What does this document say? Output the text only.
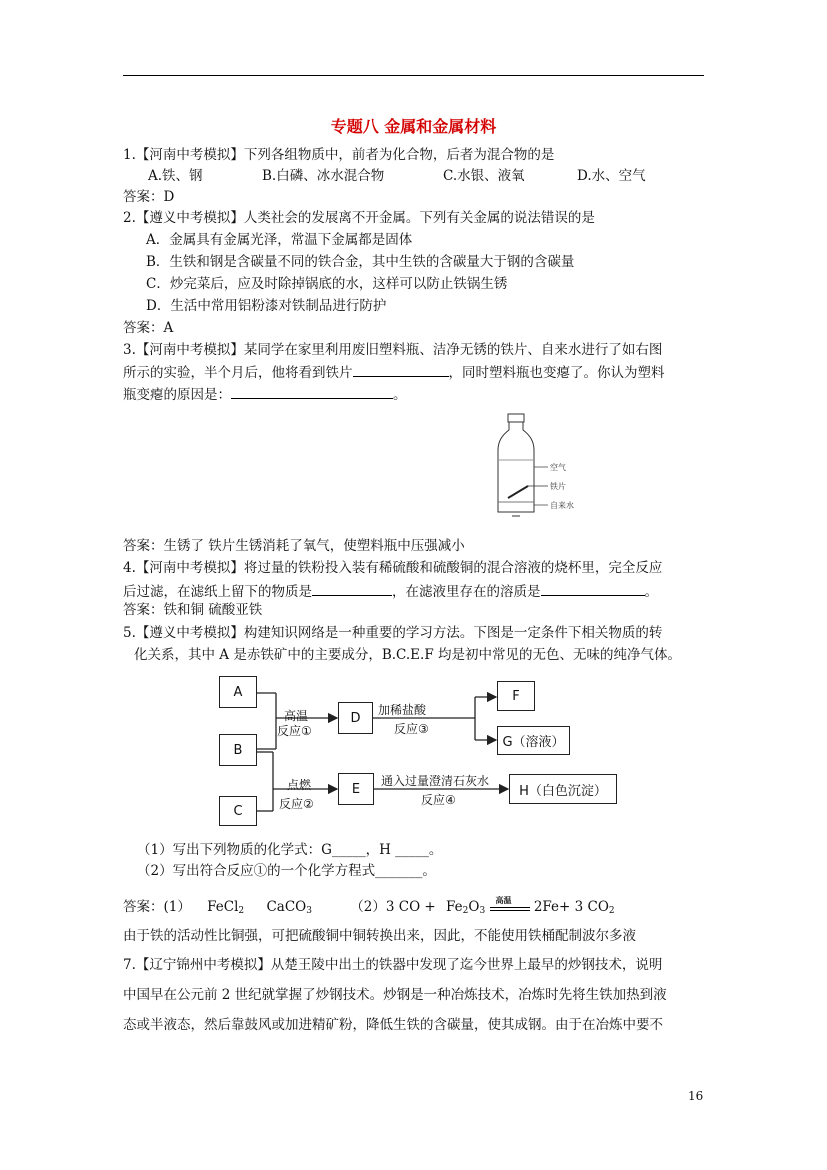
专题八 金属和金属材料
1.【河南中考模拟】下列各组物质中，前者为化合物，后者为混合物的是
A.铁、钢	B.白磷、冰水混合物	C.水银、液氧	D.水、空气
答案：D
2.【遵义中考模拟】人类社会的发展离不开金属。下列有关金属的说法错误的是
A．金属具有金属光泽，常温下金属都是固体
B．生铁和钢是含碳量不同的铁合金，其中生铁的含碳量大于钢的含碳量
C．炒完菜后，应及时除掉锅底的水，这样可以防止铁锅生锈
D．生活中常用铝粉漆对铁制品进行防护
答案：A
3.【河南中考模拟】某同学在家里利用废旧塑料瓶、洁净无锈的铁片、自来水进行了如右图
所示的实验，半个月后，他将看到铁片	，同时塑料瓶也变瘪了。你认为塑料
瓶变瘪的原因是：	。
空气
铁片
自来水
答案：生锈了 铁片生锈消耗了氧气，使塑料瓶中压强减小
4.【河南中考模拟】将过量的铁粉投入装有稀硫酸和硫酸铜的混合溶液的烧杯里，完全反应
后过滤，在滤纸上留下的物质是	，在滤液里存在的溶质是	。
答案：铁和铜 硫酸亚铁
5.【遵义中考模拟】构建知识网络是一种重要的学习方法。下图是一定条件下相关物质的转
化关系，其中 A 是赤铁矿中的主要成分，B.C.E.F 均是初中常见的无色、无味的纯净气体。
A
B
C
D
E
F
G（溶液）
H（白色沉淀）
高温
反应①
点燃
反应②
加稀盐酸
反应③
通入过量澄清石灰水
反应④
（1）写出下列物质的化学式：G_____，H _____。
（2）写出符合反应①的一个化学方程式_______。
答案：(1） FeCl$_2$ CaCO$_3$	（2）3 CO + $Fe_2O_3$
高温 2Fe+ 3 $CO_2$
由于铁的活动性比铜强，可把硫酸铜中铜转换出来，因此，不能使用铁桶配制波尔多液
7.【辽宁锦州中考模拟】从楚王陵中出土的铁器中发现了迄今世界上最早的炒钢技术，说明
中国早在公元前 2 世纪就掌握了炒钢技术。炒钢是一种冶炼技术，冶炼时先将生铁加热到液
态或半液态，然后靠鼓风或加进精矿粉，降低生铁的含碳量，使其成钢。由于在冶炼中要不
16
